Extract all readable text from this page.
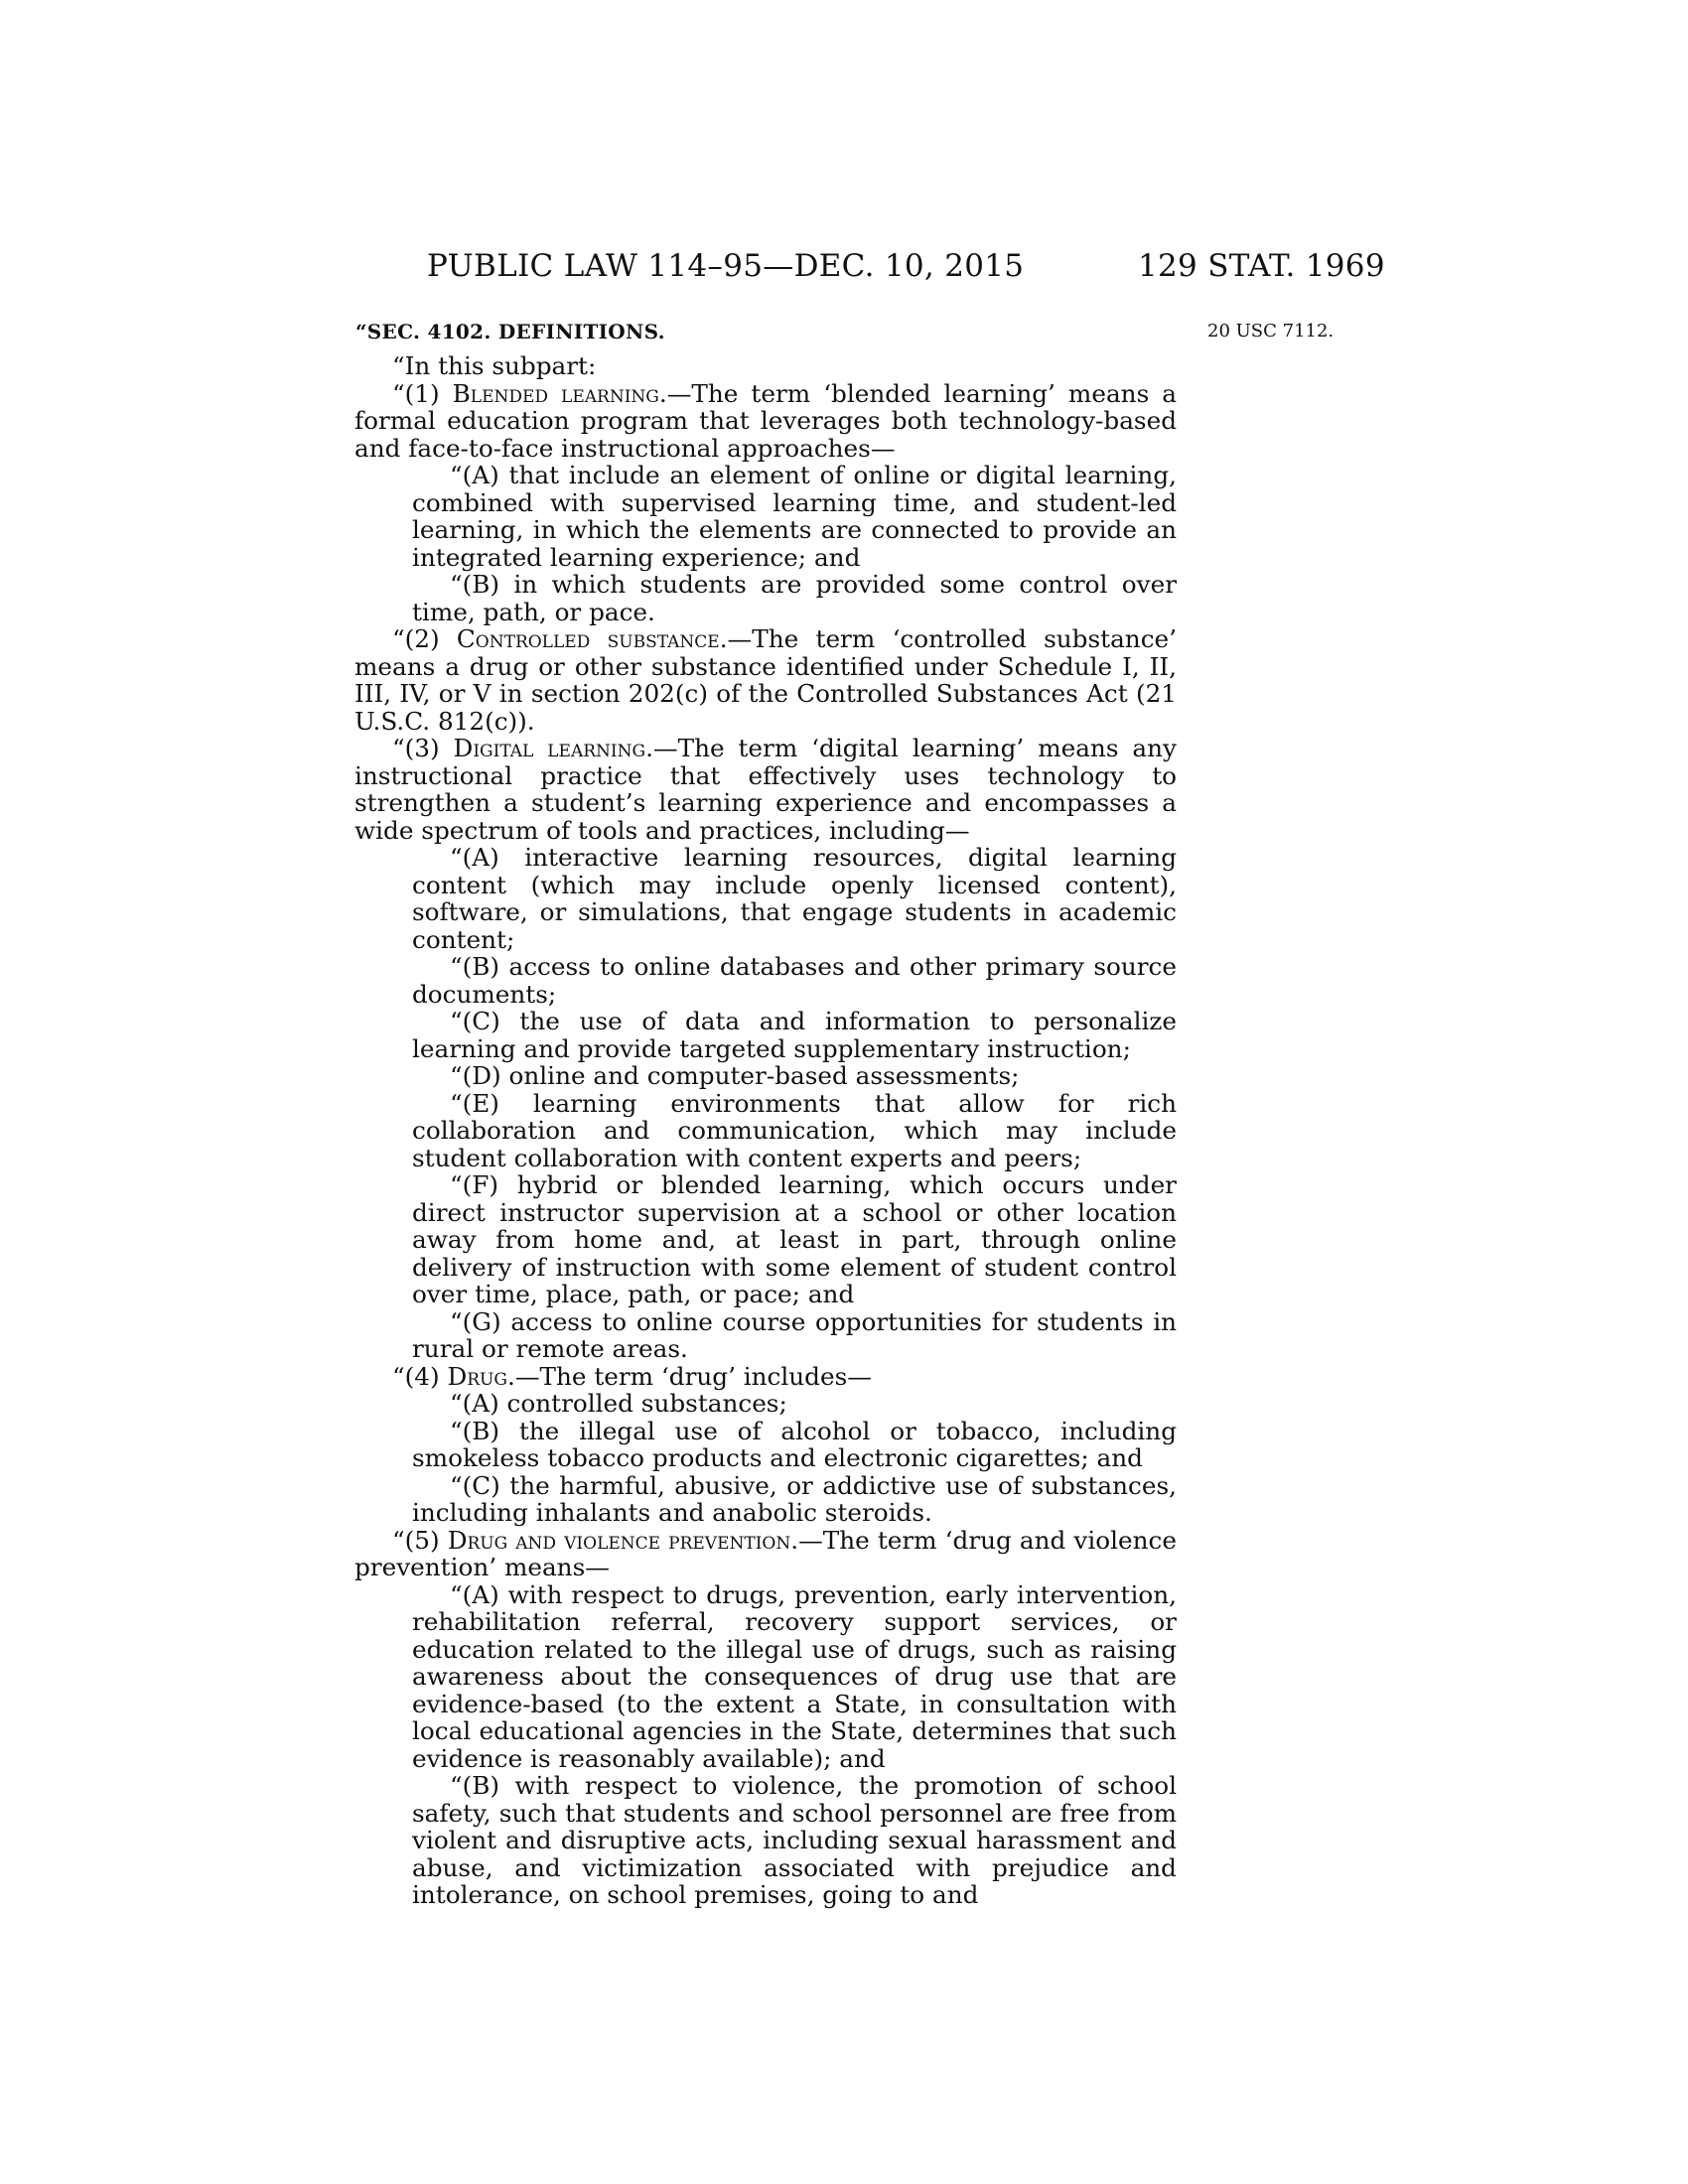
PUBLIC LAW 114–95—DEC. 10, 2015	129 STAT. 1969
“SEC. 4102. DEFINITIONS.	20 USC 7112.

“In this subpart:

“(1) Blended learning.—The term ‘blended learning’ means a formal education program that leverages both technology-based and face-to-face instructional approaches—

“(A) that include an element of online or digital learning, combined with supervised learning time, and student-led learning, in which the elements are connected to provide an integrated learning experience; and

“(B) in which students are provided some control over time, path, or pace.

“(2) Controlled substance.—The term ‘controlled substance’ means a drug or other substance identified under Schedule I, II, III, IV, or V in section 202(c) of the Controlled Substances Act (21 U.S.C. 812(c)).

“(3) Digital learning.—The term ‘digital learning’ means any instructional practice that effectively uses technology to strengthen a student’s learning experience and encompasses a wide spectrum of tools and practices, including—

“(A) interactive learning resources, digital learning content (which may include openly licensed content), software, or simulations, that engage students in academic content;

“(B) access to online databases and other primary source documents;

“(C) the use of data and information to personalize learning and provide targeted supplementary instruction;

“(D) online and computer-based assessments;

“(E) learning environments that allow for rich collaboration and communication, which may include student collaboration with content experts and peers;

“(F) hybrid or blended learning, which occurs under direct instructor supervision at a school or other location away from home and, at least in part, through online delivery of instruction with some element of student control over time, place, path, or pace; and

“(G) access to online course opportunities for students in rural or remote areas.

“(4) Drug.—The term ‘drug’ includes—

“(A) controlled substances;

“(B) the illegal use of alcohol or tobacco, including smokeless tobacco products and electronic cigarettes; and

“(C) the harmful, abusive, or addictive use of substances, including inhalants and anabolic steroids.

“(5) Drug and violence prevention.—The term ‘drug and violence prevention’ means—

“(A) with respect to drugs, prevention, early intervention, rehabilitation referral, recovery support services, or education related to the illegal use of drugs, such as raising awareness about the consequences of drug use that are evidence-based (to the extent a State, in consultation with local educational agencies in the State, determines that such evidence is reasonably available); and

“(B) with respect to violence, the promotion of school safety, such that students and school personnel are free from violent and disruptive acts, including sexual harassment and abuse, and victimization associated with prejudice and intolerance, on school premises, going to and
